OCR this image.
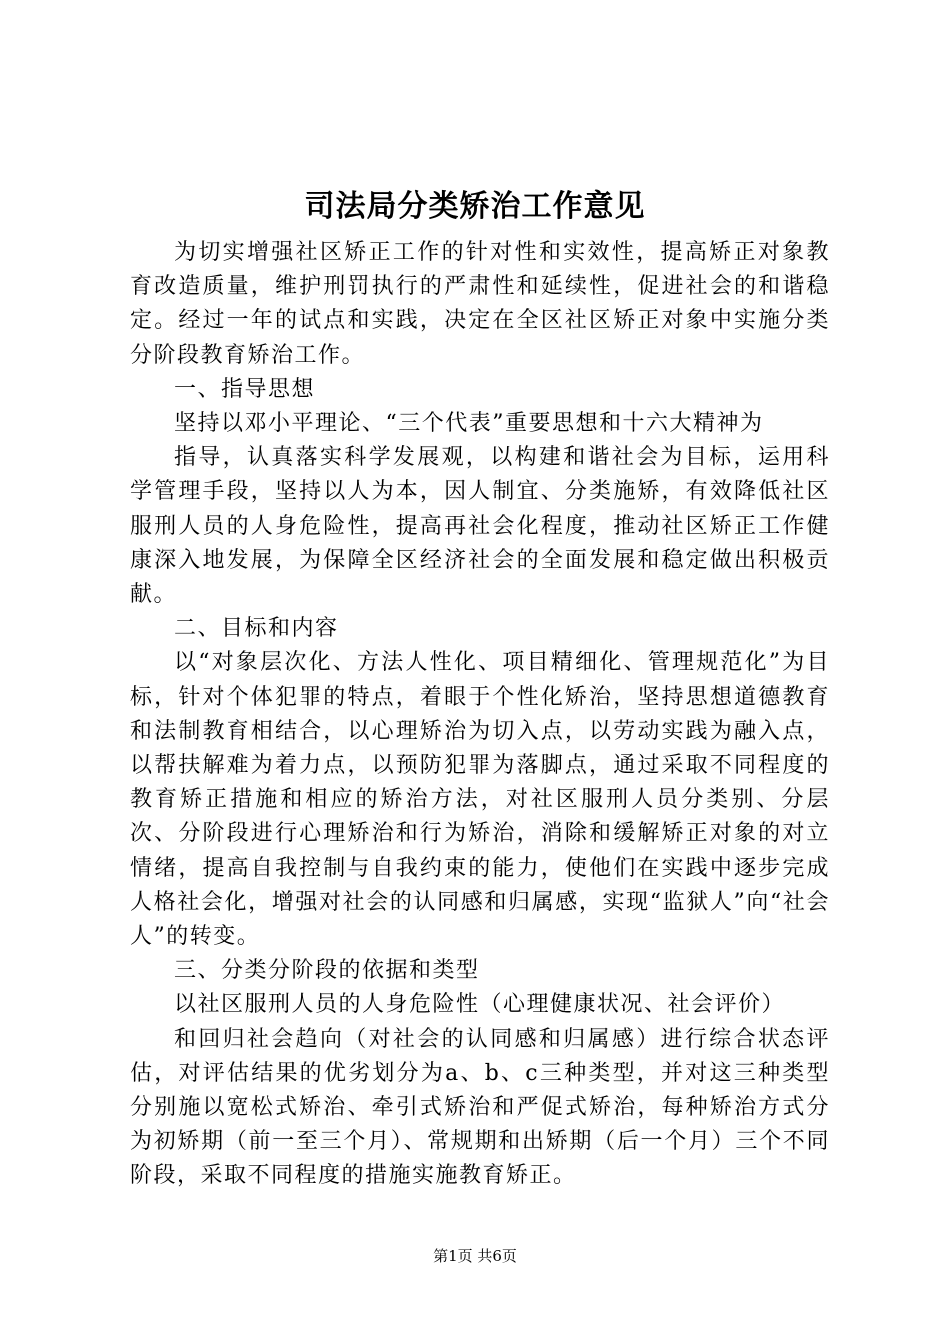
司法局分类矫治工作意见

为切实增强社区矫正工作的针对性和实效性，提高矫正对象教育改造质量，维护刑罚执行的严肃性和延续性，促进社会的和谐稳定。经过一年的试点和实践，决定在全区社区矫正对象中实施分类分阶段教育矫治工作。

一、指导思想

坚持以邓小平理论、“三个代表”重要思想和十六大精神为

指导，认真落实科学发展观，以构建和谐社会为目标，运用科学管理手段，坚持以人为本，因人制宜、分类施矫，有效降低社区服刑人员的人身危险性，提高再社会化程度，推动社区矫正工作健康深入地发展，为保障全区经济社会的全面发展和稳定做出积极贡献。

二、目标和内容

以“对象层次化、方法人性化、项目精细化、管理规范化”为目标，针对个体犯罪的特点，着眼于个性化矫治，坚持思想道德教育和法制教育相结合，以心理矫治为切入点，以劳动实践为融入点，以帮扶解难为着力点，以预防犯罪为落脚点，通过采取不同程度的教育矫正措施和相应的矫治方法，对社区服刑人员分类别、分层次、分阶段进行心理矫治和行为矫治，消除和缓解矫正对象的对立情绪，提高自我控制与自我约束的能力，使他们在实践中逐步完成人格社会化，增强对社会的认同感和归属感，实现“监狱人”向“社会人”的转变。

三、分类分阶段的依据和类型

以社区服刑人员的人身危险性（心理健康状况、社会评价）

和回归社会趋向（对社会的认同感和归属感）进行综合状态评估，对评估结果的优劣划分为a、b、c三种类型，并对这三种类型分别施以宽松式矫治、牵引式矫治和严促式矫治，每种矫治方式分为初矫期（前一至三个月）、常规期和出矫期（后一个月）三个不同阶段，采取不同程度的措施实施教育矫正。

第1页 共6页
